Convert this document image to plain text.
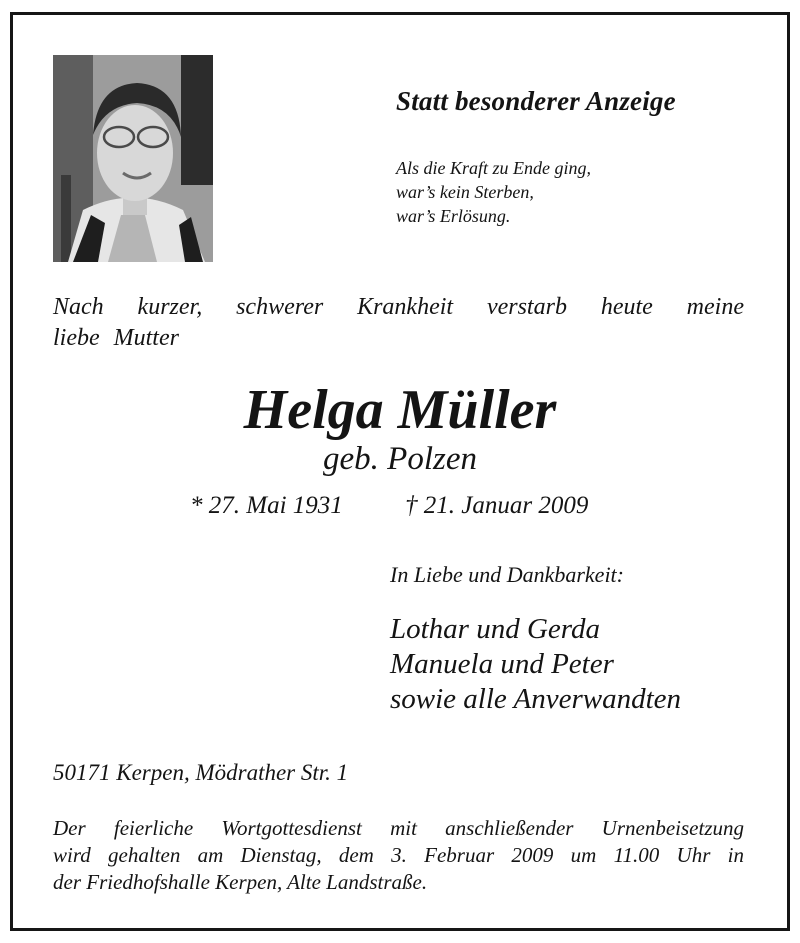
Statt besonderer Anzeige
Als die Kraft zu Ende ging,
war’s kein Sterben,
war’s Erlösung.
Nach kurzer, schwerer Krankheit verstarb heute meine
liebe Mutter
Helga Müller
geb. Polzen
* 27. Mai 1931 † 21. Januar 2009
In Liebe und Dankbarkeit:
Lothar und Gerda
Manuela und Peter
sowie alle Anverwandten
50171 Kerpen, Mödrather Str. 1
Der feierliche Wortgottesdienst mit anschließender Urnenbeisetzung
wird gehalten am Dienstag, dem 3. Februar 2009 um 11.00 Uhr in
der Friedhofshalle Kerpen, Alte Landstraße.
